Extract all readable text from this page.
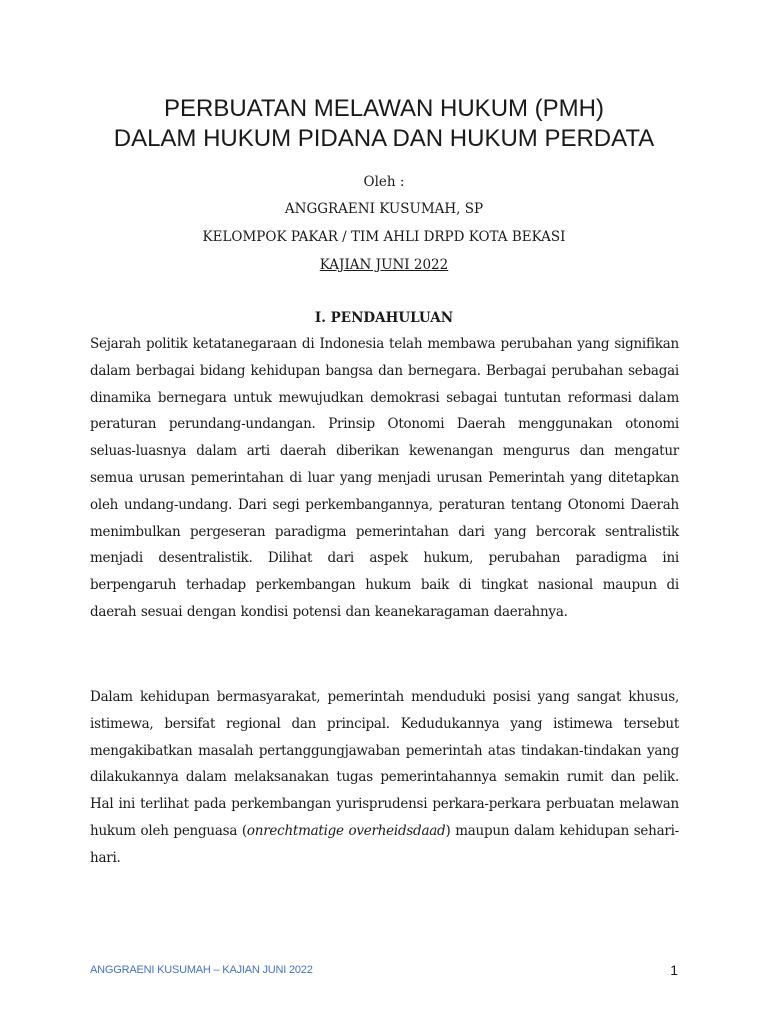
PERBUATAN MELAWAN HUKUM (PMH)
DALAM HUKUM PIDANA DAN HUKUM PERDATA

Oleh :

ANGGRAENI KUSUMAH, SP

KELOMPOK PAKAR / TIM AHLI DRPD KOTA BEKASI

KAJIAN JUNI 2022

I. PENDAHULUAN

Sejarah politik ketatanegaraan di Indonesia telah membawa perubahan yang signifikan dalam berbagai bidang kehidupan bangsa dan bernegara. Berbagai perubahan sebagai dinamika bernegara untuk mewujudkan demokrasi sebagai tuntutan reformasi dalam peraturan perundang-undangan. Prinsip Otonomi Daerah menggunakan otonomi seluas-luasnya dalam arti daerah diberikan kewenangan mengurus dan mengatur semua urusan pemerintahan di luar yang menjadi urusan Pemerintah yang ditetapkan oleh undang-undang. Dari segi perkembangannya, peraturan tentang Otonomi Daerah menimbulkan pergeseran paradigma pemerintahan dari yang bercorak sentralistik menjadi desentralistik. Dilihat dari aspek hukum, perubahan paradigma ini berpengaruh terhadap perkembangan hukum baik di tingkat nasional maupun di daerah sesuai dengan kondisi potensi dan keanekaragaman daerahnya.

Dalam kehidupan bermasyarakat, pemerintah menduduki posisi yang sangat khusus, istimewa, bersifat regional dan principal. Kedudukannya yang istimewa tersebut mengakibatkan masalah pertanggungjawaban pemerintah atas tindakan-tindakan yang dilakukannya dalam melaksanakan tugas pemerintahannya semakin rumit dan pelik. Hal ini terlihat pada perkembangan yurisprudensi perkara-perkara perbuatan melawan hukum oleh penguasa (onrechtmatige overheidsdaad) maupun dalam kehidupan sehari-hari.

ANGGRAENI KUSUMAH – KAJIAN JUNI 2022	1
